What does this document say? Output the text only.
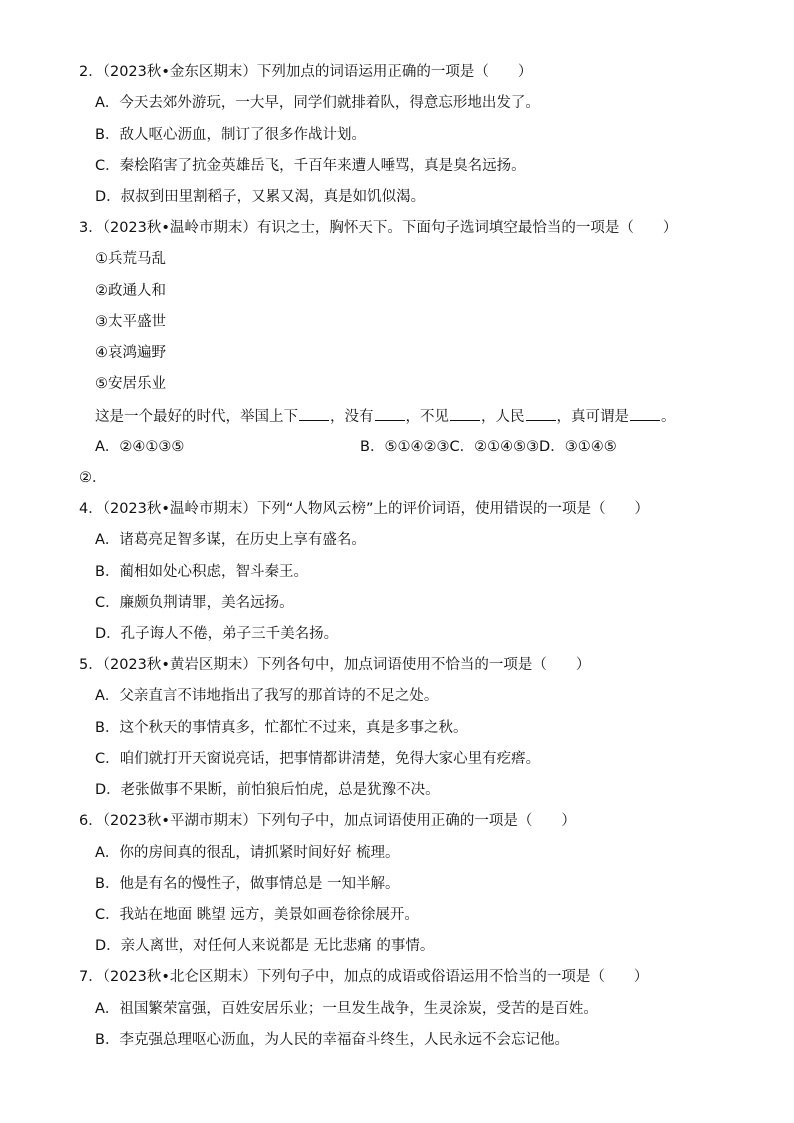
2．（2023秋•金东区期末）下列加点的词语运用正确的一项是（　　）
A．今天去郊外游玩，一大早，同学们就排着队，得意忘形地出发了。
B．敌人呕心沥血，制订了很多作战计划。
C．秦桧陷害了抗金英雄岳飞，千百年来遭人唾骂，真是臭名远扬。
D．叔叔到田里割稻子，又累又渴，真是如饥似渴。
3．（2023秋•温岭市期末）有识之士，胸怀天下。下面句子选词填空最恰当的一项是（　　）
①兵荒马乱
②政通人和
③太平盛世
④哀鸿遍野
⑤安居乐业
这是一个最好的时代，举国上下 ，没有 ，不见 ，人民 ，真可谓是 。
A．②④①③⑤	B．⑤①④②③C．②①④⑤③D．③①④⑤
②．
4．（2023秋•温岭市期末）下列“人物风云榜”上的评价词语，使用错误的一项是（　　）
A．诸葛亮足智多谋，在历史上享有盛名。
B．蔺相如处心积虑，智斗秦王。
C．廉颇负荆请罪，美名远扬。
D．孔子诲人不倦，弟子三千美名扬。
5．（2023秋•黄岩区期末）下列各句中，加点词语使用不恰当的一项是（　　）
A．父亲直言不讳地指出了我写的那首诗的不足之处。
B．这个秋天的事情真多，忙都忙不过来，真是多事之秋。
C．咱们就打开天窗说亮话，把事情都讲清楚，免得大家心里有疙瘩。
D．老张做事不果断，前怕狼后怕虎，总是犹豫不决。
6．（2023秋•平湖市期末）下列句子中，加点词语使用正确的一项是（　　）
A．你的房间真的很乱，请抓紧时间好好 梳理。
B．他是有名的慢性子，做事情总是 一知半解。
C．我站在地面 眺望 远方，美景如画卷徐徐展开。
D．亲人离世，对任何人来说都是 无比悲痛 的事情。
7．（2023秋•北仑区期末）下列句子中，加点的成语或俗语运用不恰当的一项是（　　）
A．祖国繁荣富强，百姓安居乐业；一旦发生战争，生灵涂炭，受苦的是百姓。
B．李克强总理呕心沥血，为人民的幸福奋斗终生，人民永远不会忘记他。
